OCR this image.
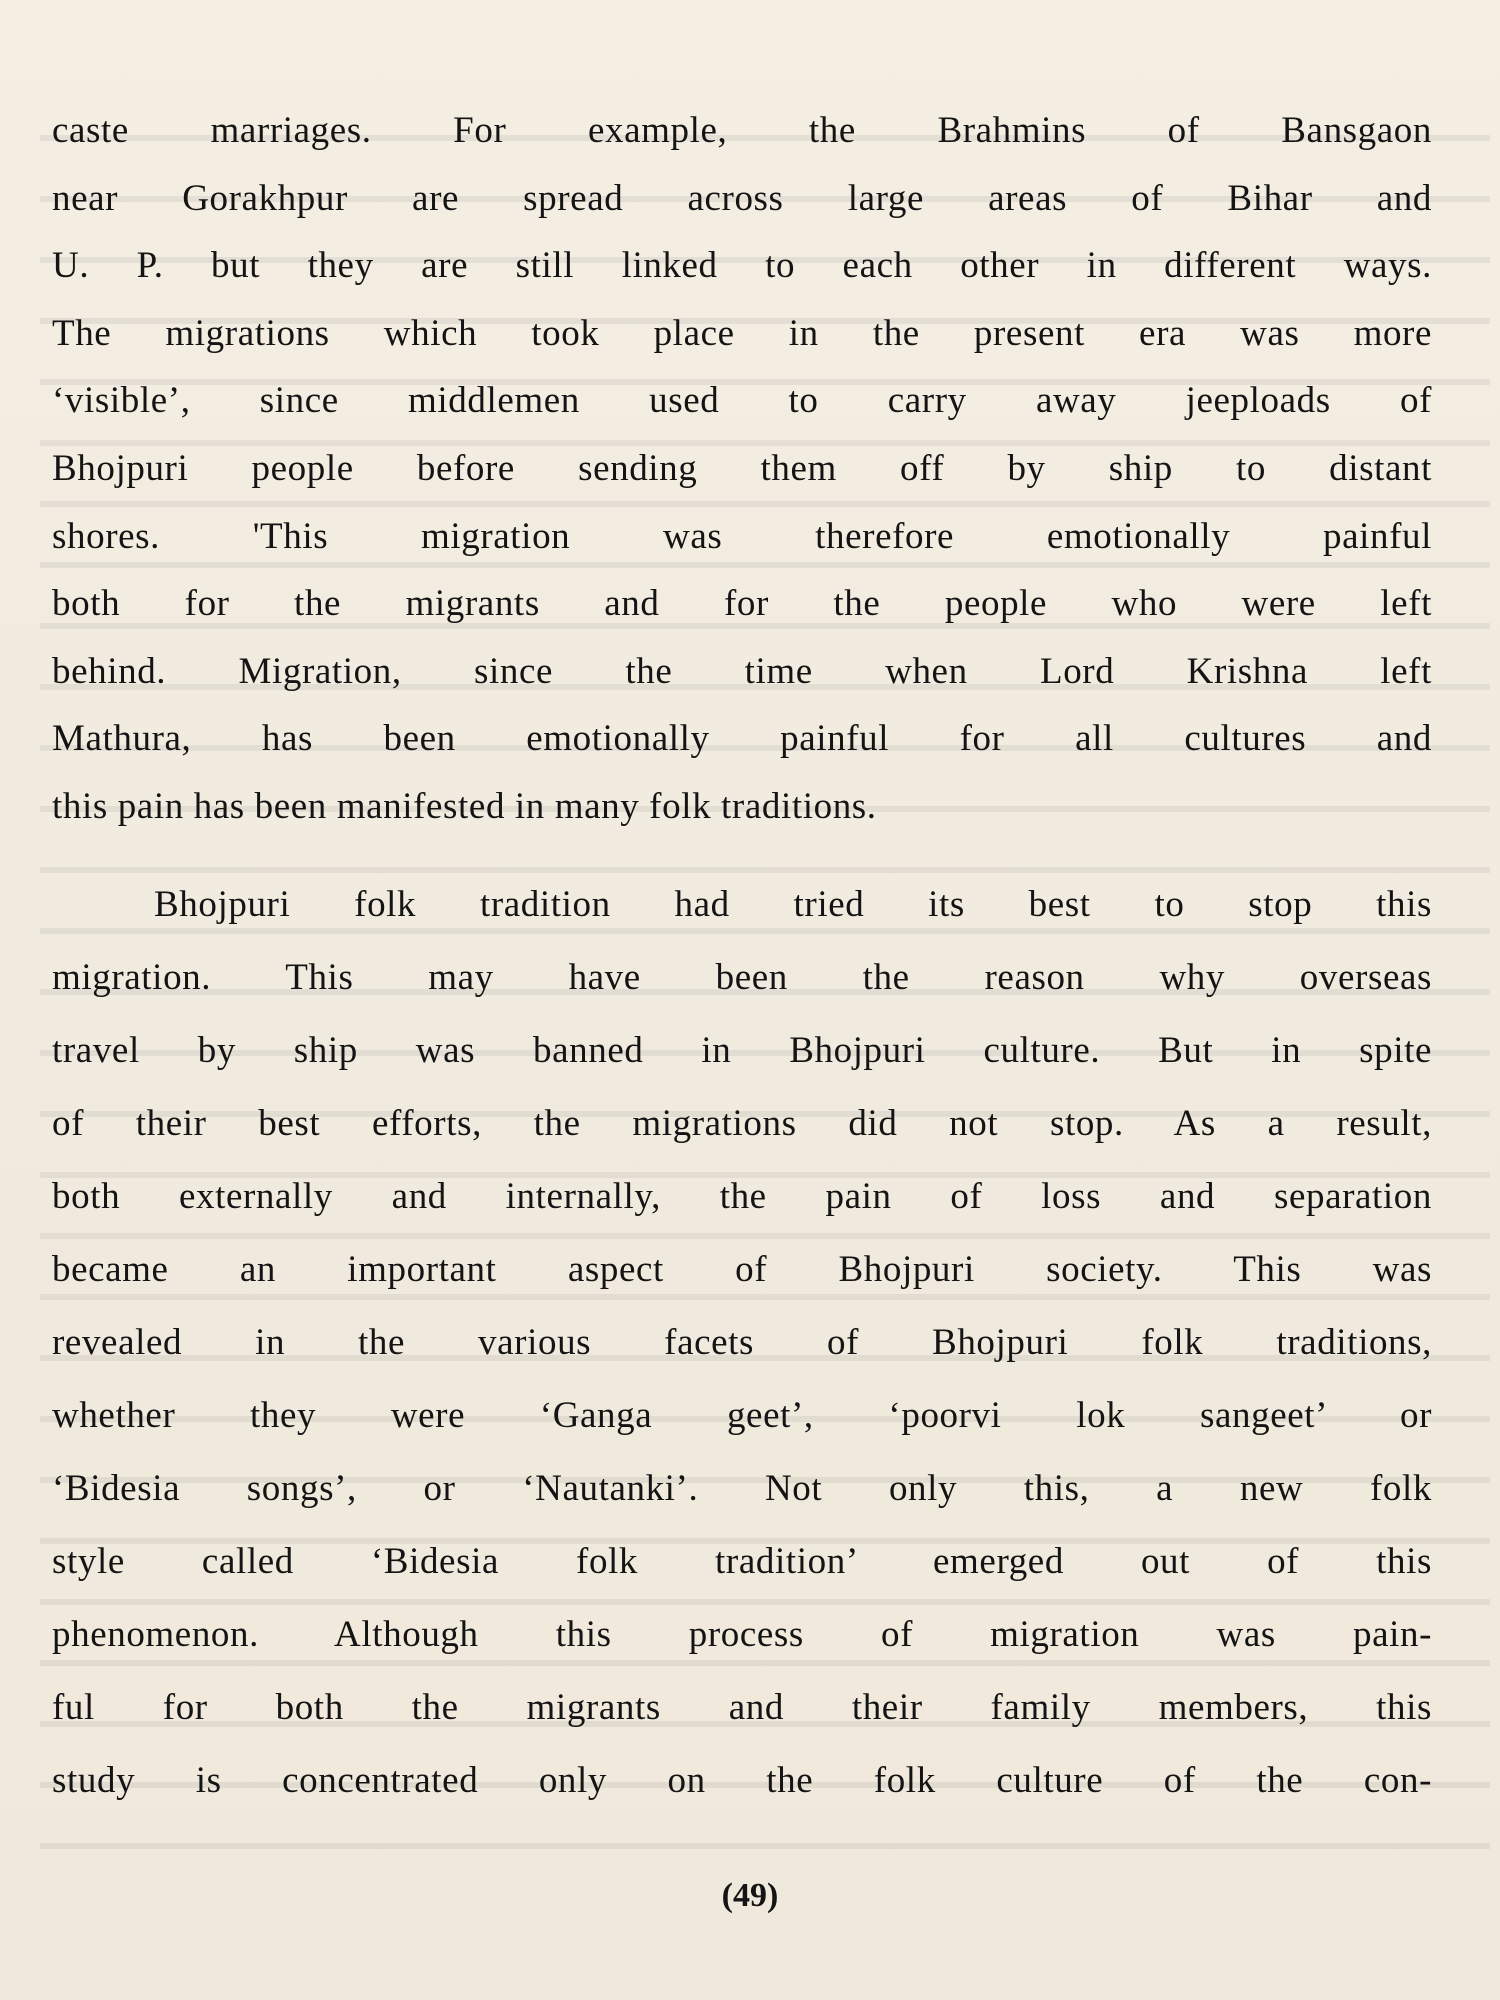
caste marriages. For example, the Brahmins of Bansgaon
near Gorakhpur are spread across large areas of Bihar and
U. P. but they are still linked to each other in different ways.
The migrations which took place in the present era was more
‘visible’, since middlemen used to carry away jeeploads of
Bhojpuri people before sending them off by ship to distant
shores. 'This migration was therefore emotionally painful
both for the migrants and for the people who were left
behind. Migration, since the time when Lord Krishna left
Mathura, has been emotionally painful for all cultures and
this pain has been manifested in many folk traditions.
Bhojpuri folk tradition had tried its best to stop this
migration. This may have been the reason why overseas
travel by ship was banned in Bhojpuri culture. But in spite
of their best efforts, the migrations did not stop. As a result,
both externally and internally, the pain of loss and separation
became an important aspect of Bhojpuri society. This was
revealed in the various facets of Bhojpuri folk traditions,
whether they were ‘Ganga geet’, ‘poorvi lok sangeet’ or
‘Bidesia songs’, or ‘Nautanki’. Not only this, a new folk
style called ‘Bidesia folk tradition’ emerged out of this
phenomenon. Although this process of migration was pain-
ful for both the migrants and their family members, this
study is concentrated only on the folk culture of the con-
(49)
